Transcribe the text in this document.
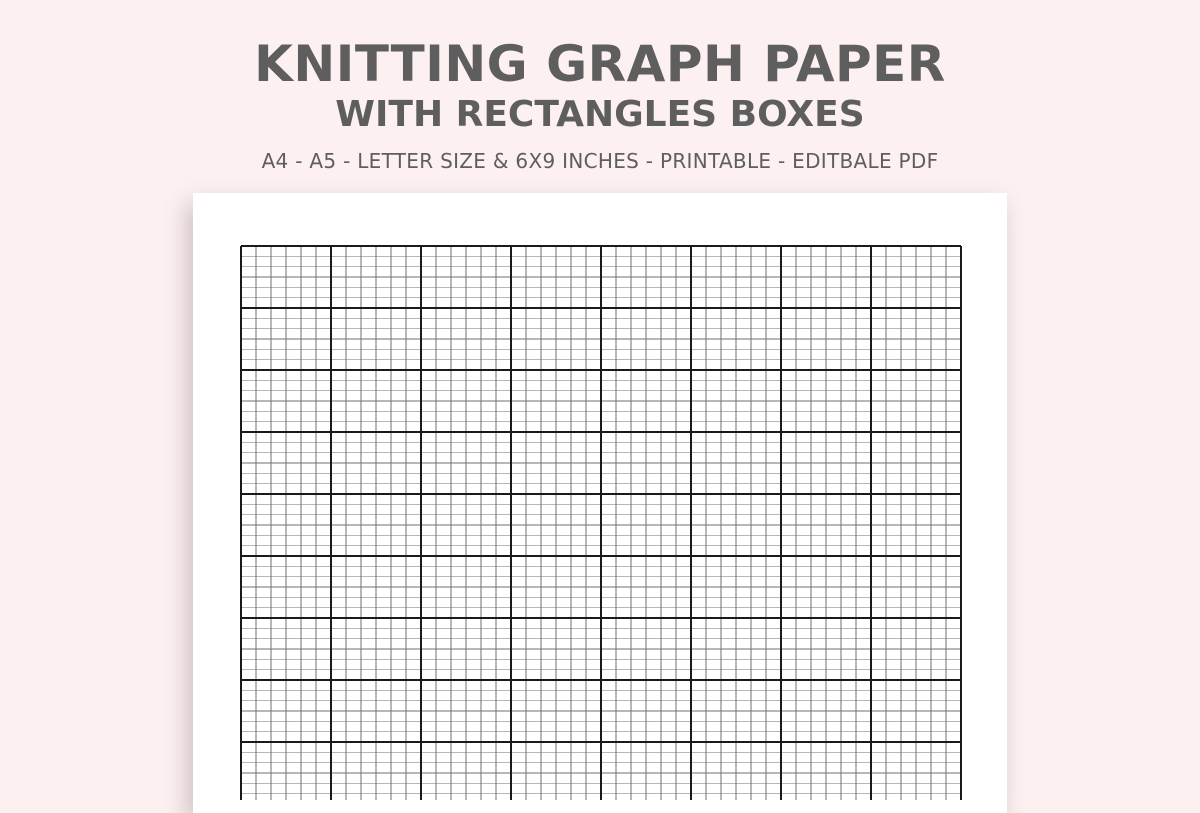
KNITTING GRAPH PAPER
WITH RECTANGLES BOXES
A4 - A5 - LETTER SIZE & 6X9 INCHES - PRINTABLE - EDITBALE PDF
